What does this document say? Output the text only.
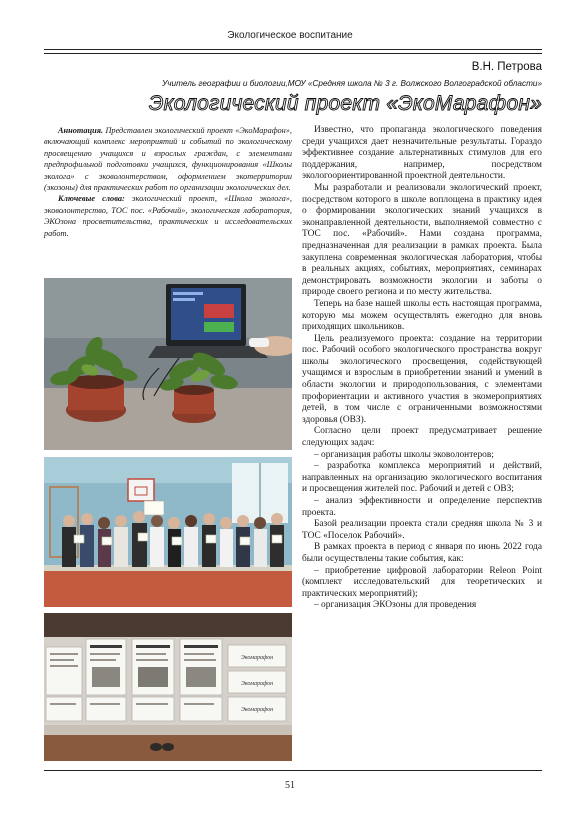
Экологическое воспитание
В.Н. Петрова
Учитель географии и биологии,МОУ «Средняя школа № 3 г. Волжского Волгоградской области»
Экологический проект «ЭкоМарафон»

Аннотация. Представлен экологический проект «ЭкоМарафон», включающий комплекс мероприятий и событий по экологическому просвещению учащихся и взрослых граждан, с элементами предпрофильной подготовки учащихся, функционирования «Школы эколога» с эковолонтерством, оформлением экотерритории (экозоны) для практических работ по организации экологических дел.

Ключевые слова: экологический проект, «Школа эколога», эковолонтерство, ТОС пос. «Рабочий», экологическая лаборатория, ЭКОзона просветительства, практических и исследовательских работ.

Экомарафон
Экомарафон
Экомарафон

Известно, что пропаганда экологического поведения среди учащихся дает незначительные результаты. Гораздо эффективнее создание альтернативных стимулов для его поддержания, например, посредством экологоориентированной проектной деятельности.

Мы разработали и реализовали экологический проект, посредством которого в школе воплощена в практику идея о формировании экологических знаний учащихся в эконаправленной деятельности, выполняемой совместно с ТОС пос. «Рабочий». Нами создана программа, предназначенная для реализации в рамках проекта. Была закуплена современная экологическая лаборатория, чтобы в реальных акциях, событиях, мероприятиях, семинарах демонстрировать возможности экологии и заботы о природе своего региона и по месту жительства.

Теперь на базе нашей школы есть настоящая программа, которую мы можем осуществлять ежегодно для вновь приходящих школьников.

Цель реализуемого проекта: создание на территории пос. Рабочий особого экологического пространства вокруг школы экологического просвещения, содействующей учащимся и взрослым в приобретении знаний и умений в области экологии и природопользования, с элементами профориентации и активного участия в экомероприятиях детей, в том числе с ограниченными возможностями здоровья (ОВЗ).

Согласно цели проект предусматривает решение следующих задач:

– организация работы школы эковолонтеров;

– разработка комплекса мероприятий и действий, направленных на организацию экологического воспитания и просвещения жителей пос. Рабочий и детей с ОВЗ;

– анализ эффективности и определение перспектив проекта.

Базой реализации проекта стали средняя школа № 3 и ТОС «Поселок Рабочий».

В рамках проекта в период с января по июнь 2022 года были осуществлены такие события, как:

– приобретение цифровой лаборатории Releon Point (комплект исследовательский для теоретических и практических мероприятий);

– организация ЭКОзоны для проведения

51
